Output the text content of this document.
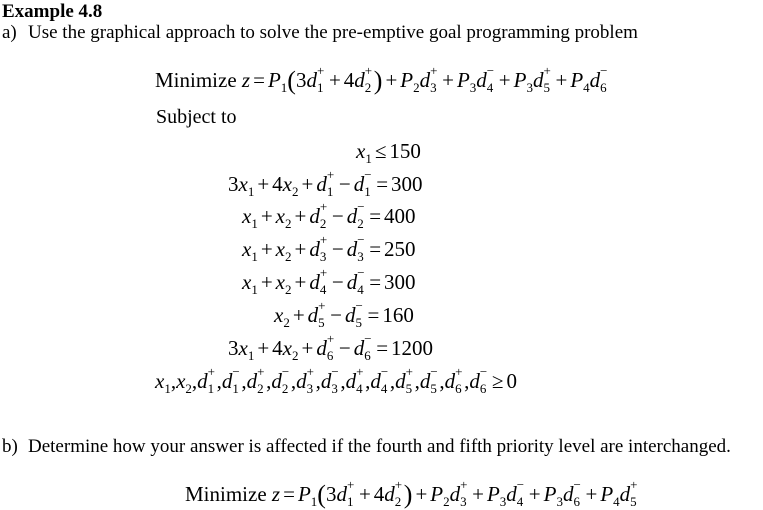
Example 4.8
a) Use the graphical approach to solve the pre-emptive goal programming problem
Minimize $z = P_1(3d$ +
1 + 4d +
2 ) + $P_2d$ +
$3 + P_3d$ −
$4 + P_3d$ +
$5 + P_4d$ −
6
Subject to
$x_1 \le 150$
$3x_1 + 4x_2 + d$ +
1 − d −
1 = 300
$x_1 + x_2 + d$ +
2 − d −
2 = 400
$x_1 + x_2 + d$ +
3 − d −
3 = 250
$x_1 + x_2 + d$ +
4 − d −
4 = 300
$x_2 + d$ +
5 − d −
5 = 160
$3x_1 + 4x_2 + d$ +
6 − d −
6 = 1200
$x_1,x_2,d$ +
1 ,d −
1 ,d +
2 ,d −
2 ,d +
3 ,d −
3 ,d +
4 ,d −
4 ,d +
5 ,d −
5 ,d +
6 ,d −
6 ≥ 0
b) Determine how your answer is affected if the fourth and fifth priority level are interchanged.
Minimize $z = P_1(3d$ +
1 + 4d +
2 ) + $P_2d$ +
$3 + P_3d$ −
$4 + P_3d$ −
$6 + P_4d$ +
5
